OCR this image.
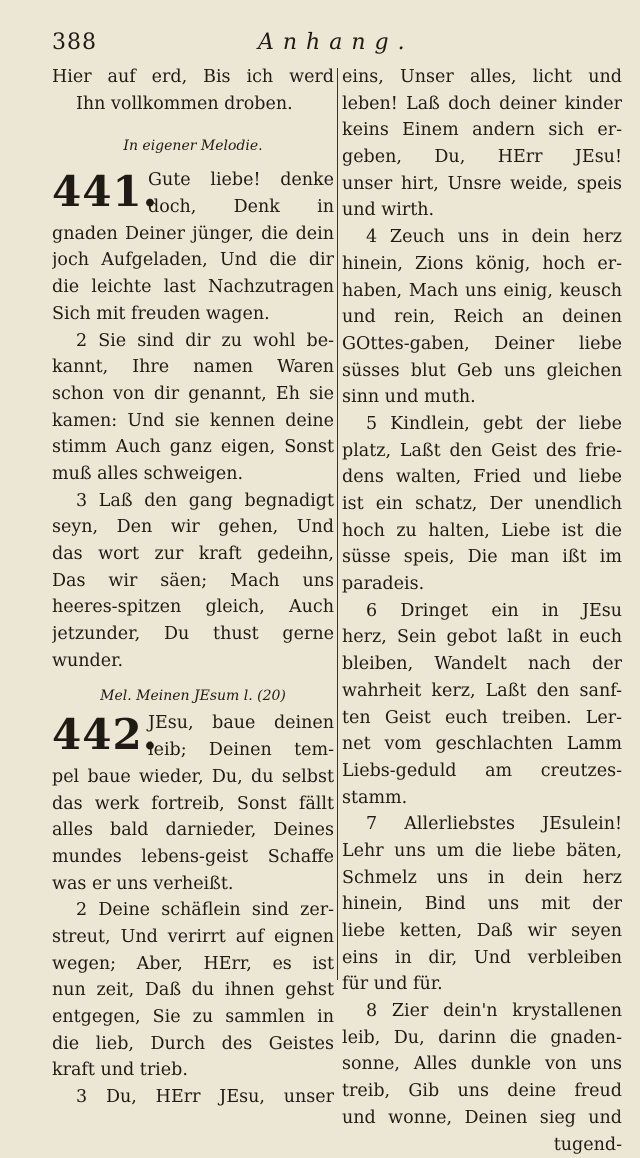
388	Anhang.
Hier auf erd, Bis ich werd
Ihn vollkommen droben.
In eigener Melodie.
441.
Gute liebe! denke
doch, Denk in
gnaden Deiner jünger, die dein
joch Aufgeladen, Und die dir
die leichte last Nachzutragen
Sich mit freuden wagen.
2 Sie sind dir zu wohl be-
kannt, Ihre namen Waren
schon von dir genannt, Eh sie
kamen: Und sie kennen deine
stimm Auch ganz eigen, Sonst
muß alles schweigen.
3 Laß den gang begnadigt
seyn, Den wir gehen, Und
das wort zur kraft gedeihn,
Das wir säen; Mach uns
heeres-spitzen gleich, Auch
jetzunder, Du thust gerne
wunder.
Mel. Meinen JEsum l. (20)
442.
JEsu, baue deinen
leib; Deinen tem-
pel baue wieder, Du, du selbst
das werk fortreib, Sonst fällt
alles bald darnieder, Deines
mundes lebens-geist Schaffe
was er uns verheißt.
2 Deine schäflein sind zer-
streut, Und verirrt auf eignen
wegen; Aber, HErr, es ist
nun zeit, Daß du ihnen gehst
entgegen, Sie zu sammlen in
die lieb, Durch des Geistes
kraft und trieb.
3 Du, HErr JEsu, unser
eins, Unser alles, licht und
leben! Laß doch deiner kinder
keins Einem andern sich er-
geben, Du, HErr JEsu!
unser hirt, Unsre weide, speis
und wirth.
4 Zeuch uns in dein herz
hinein, Zions könig, hoch er-
haben, Mach uns einig, keusch
und rein, Reich an deinen
GOttes-gaben, Deiner liebe
süsses blut Geb uns gleichen
sinn und muth.
5 Kindlein, gebt der liebe
platz, Laßt den Geist des frie-
dens walten, Fried und liebe
ist ein schatz, Der unendlich
hoch zu halten, Liebe ist die
süsse speis, Die man ißt im
paradeis.
6 Dringet ein in JEsu
herz, Sein gebot laßt in euch
bleiben, Wandelt nach der
wahrheit kerz, Laßt den sanf-
ten Geist euch treiben. Ler-
net vom geschlachten Lamm
Liebs-geduld am creutzes-
stamm.
7 Allerliebstes JEsulein!
Lehr uns um die liebe bäten,
Schmelz uns in dein herz
hinein, Bind uns mit der
liebe ketten, Daß wir seyen
eins in dir, Und verbleiben
für und für.
8 Zier dein'n krystallenen
leib, Du, darinn die gnaden-
sonne, Alles dunkle von uns
treib, Gib uns deine freud
und wonne, Deinen sieg und
tugend-
